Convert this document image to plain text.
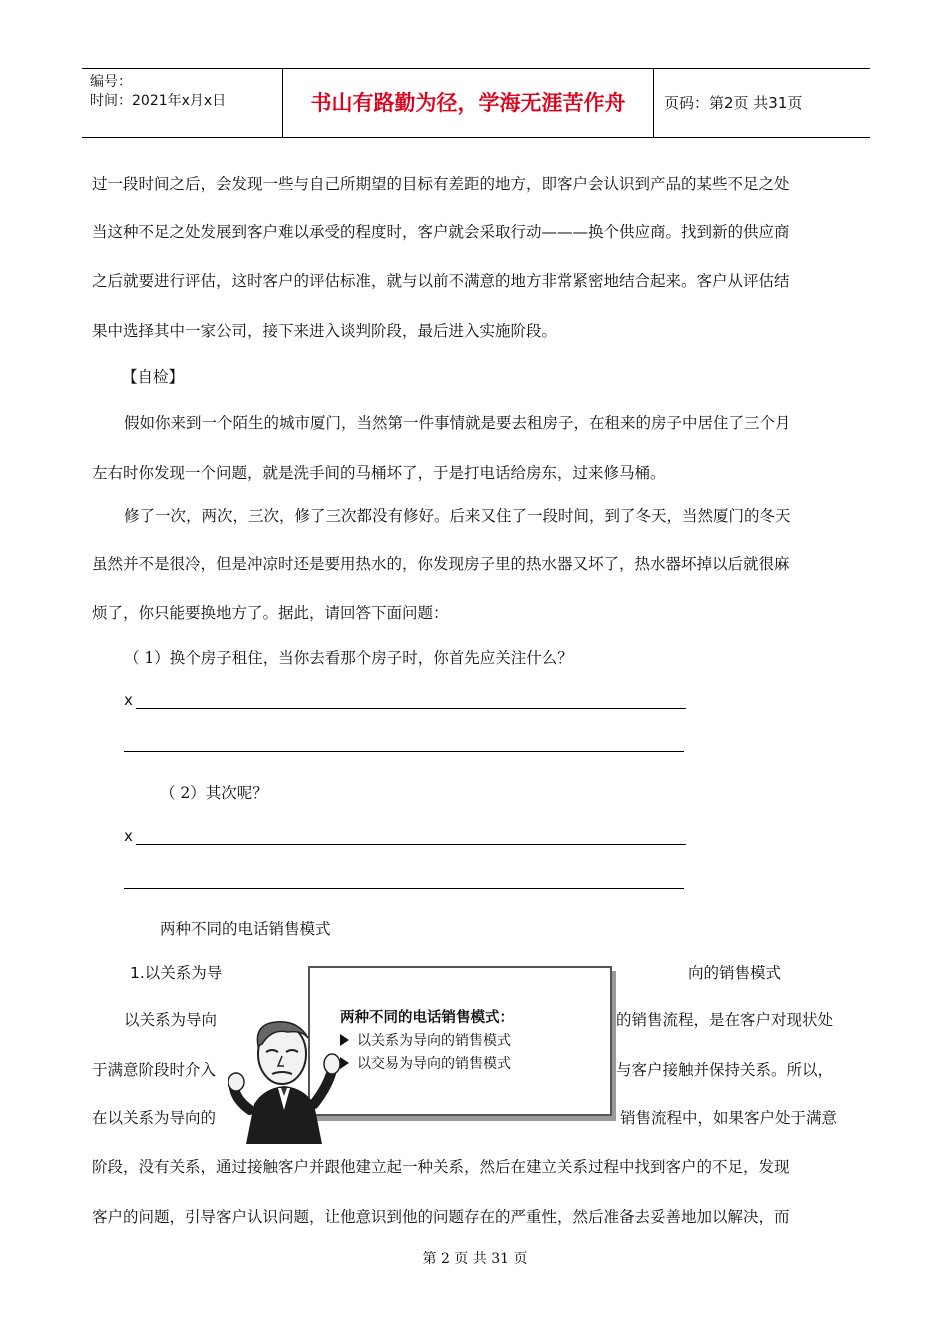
编号：
时间：2021年x月x日	书山有路勤为径，学海无涯苦作舟	页码：第2页 共31页
过一段时间之后，会发现一些与自己所期望的目标有差距的地方，即客户会认识到产品的某些不足之处
当这种不足之处发展到客户难以承受的程度时，客户就会采取行动———换个供应商。找到新的供应商
之后就要进行评估，这时客户的评估标准，就与以前不满意的地方非常紧密地结合起来。客户从评估结
果中选择其中一家公司，接下来进入谈判阶段，最后进入实施阶段。
【自检】
假如你来到一个陌生的城市厦门，当然第一件事情就是要去租房子，在租来的房子中居住了三个月
左右时你发现一个问题，就是洗手间的马桶坏了，于是打电话给房东，过来修马桶。
修了一次，两次，三次，修了三次都没有修好。后来又住了一段时间，到了冬天，当然厦门的冬天
虽然并不是很冷，但是冲凉时还是要用热水的，你发现房子里的热水器又坏了，热水器坏掉以后就很麻
烦了，你只能要换地方了。据此，请回答下面问题：
（ 1）换个房子租住，当你去看那个房子时，你首先应关注什么？
x
（ 2）其次呢？
x
两种不同的电话销售模式
1.以关系为导	向的销售模式
以关系为导向	的销售流程，是在客户对现状处
于满意阶段时介入	与客户接触并保持关系。所以，
在以关系为导向的	销售流程中，如果客户处于满意
阶段，没有关系，通过接触客户并跟他建立起一种关系，然后在建立关系过程中找到客户的不足，发现
客户的问题，引导客户认识问题，让他意识到他的问题存在的严重性，然后准备去妥善地加以解决，而
两种不同的电话销售模式：
以关系为导向的销售模式
以交易为导向的销售模式
第 2 页 共 31 页
